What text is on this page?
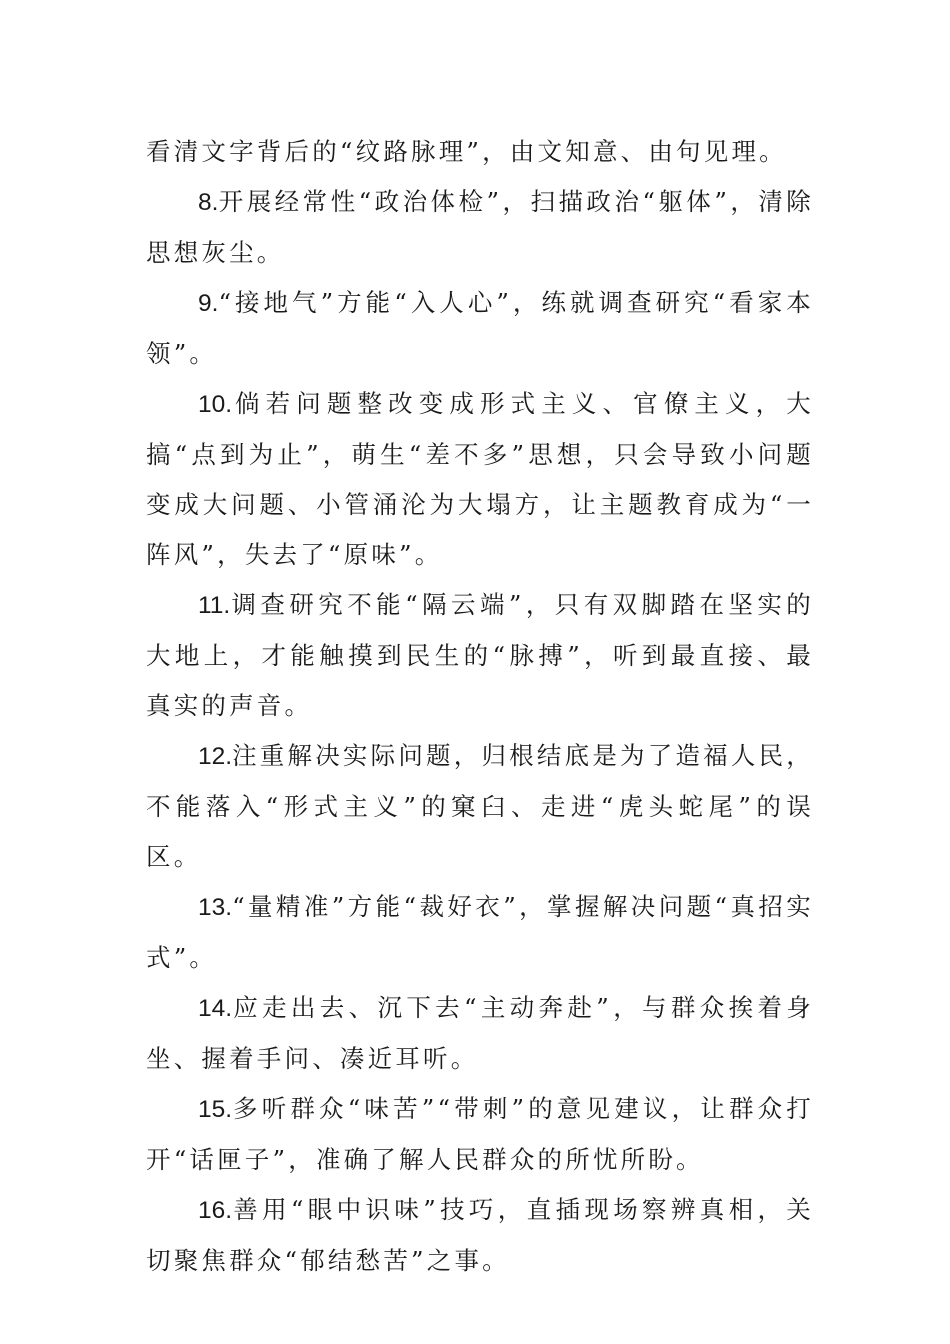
看清文字背后的“纹路脉理”，由文知意、由句见理。

8.开展经常性“政治体检”，扫描政治“躯体”，清除思想灰尘。

9.“接地气”方能“入人心”，练就调查研究“看家本领”。

10.倘若问题整改变成形式主义、官僚主义，大搞“点到为止”，萌生“差不多”思想，只会导致小问题变成大问题、小管涌沦为大塌方，让主题教育成为“一阵风”，失去了“原味”。

11.调查研究不能“隔云端”，只有双脚踏在坚实的大地上，才能触摸到民生的“脉搏”，听到最直接、最真实的声音。

12.注重解决实际问题，归根结底是为了造福人民，不能落入“形式主义”的窠臼、走进“虎头蛇尾”的误区。

13.“量精准”方能“裁好衣”，掌握解决问题“真招实式”。

14.应走出去、沉下去“主动奔赴”，与群众挨着身坐、握着手问、凑近耳听。

15.多听群众“味苦”“带刺”的意见建议，让群众打开“话匣子”，准确了解人民群众的所忧所盼。

16.善用“眼中识味”技巧，直插现场察辨真相，关切聚焦群众“郁结愁苦”之事。
